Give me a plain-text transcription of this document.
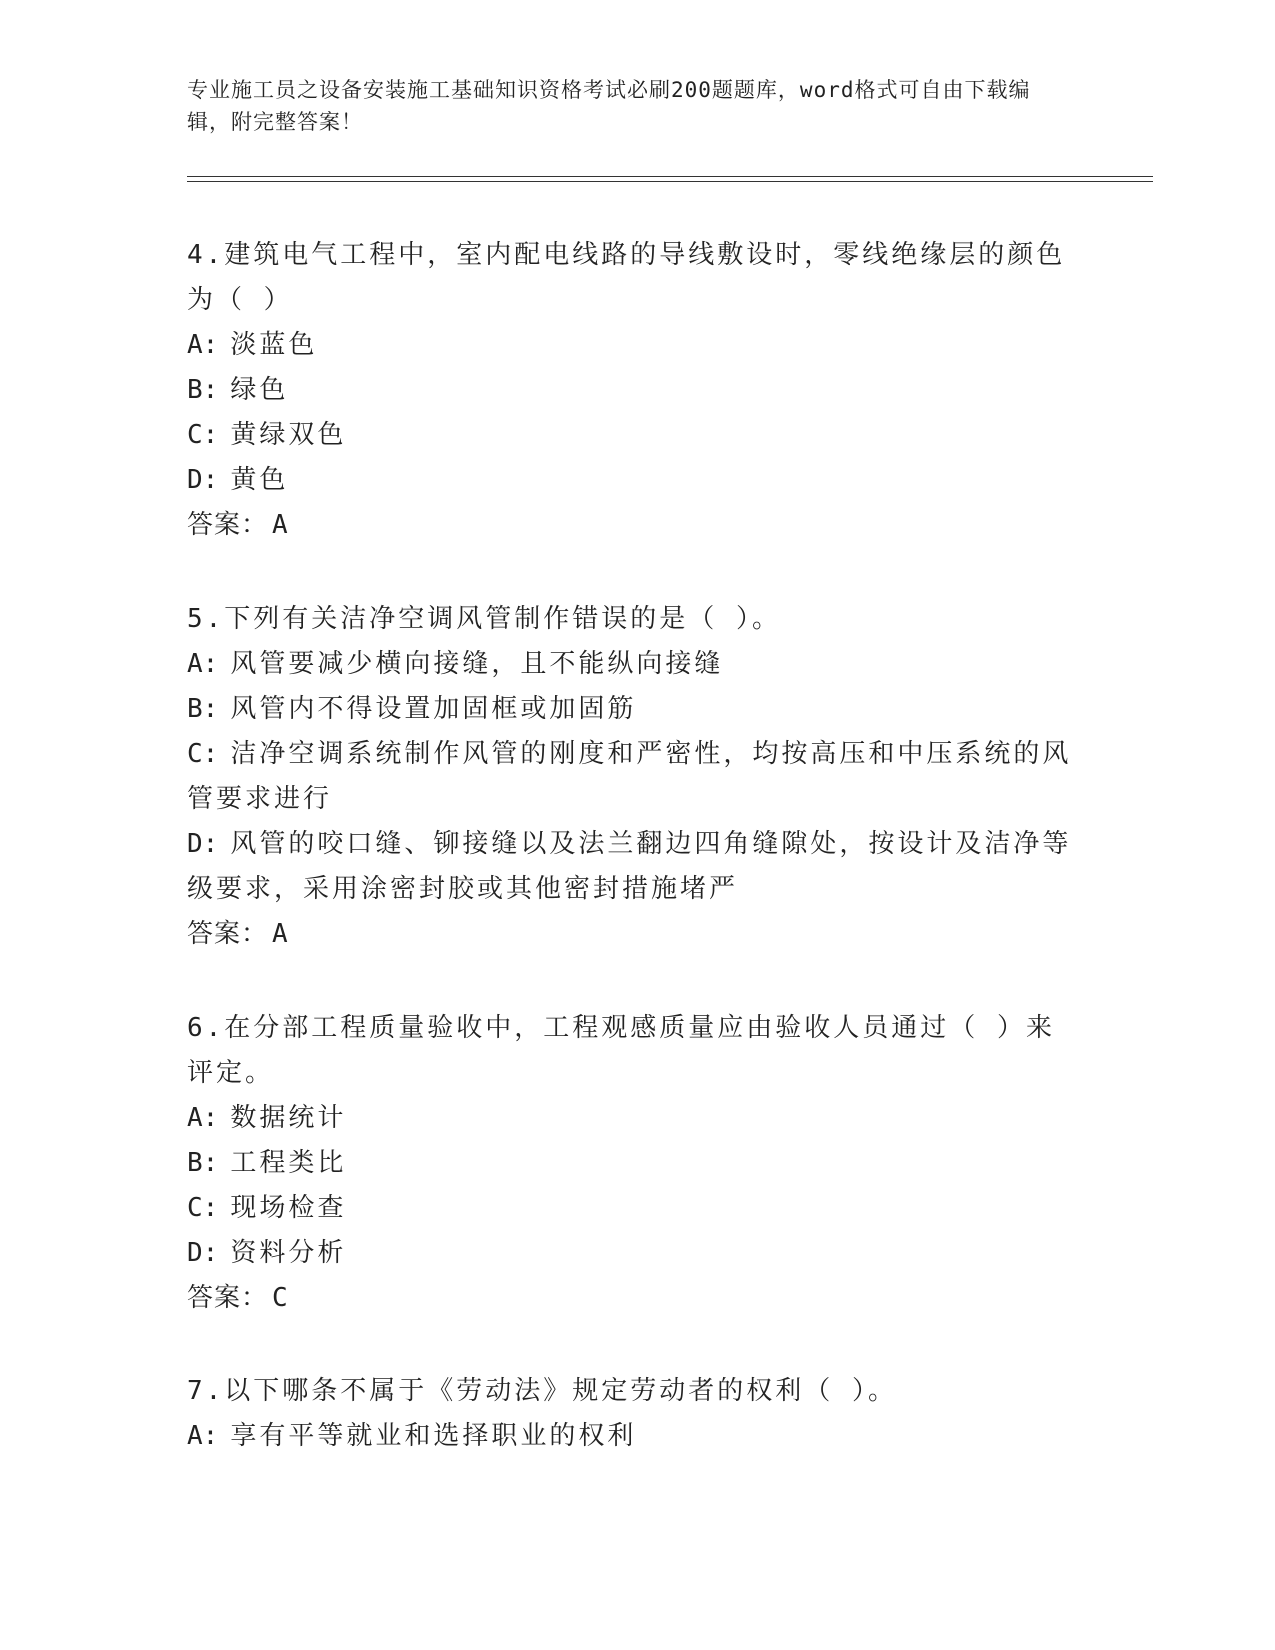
专业施工员之设备安装施工基础知识资格考试必刷200题题库，word格式可自由下载编辑，附完整答案！
4.建筑电气工程中，室内配电线路的导线敷设时，零线绝缘层的颜色为（ ）
A: 淡蓝色
B: 绿色
C: 黄绿双色
D: 黄色
答案： A
5.下列有关洁净空调风管制作错误的是（ ）。
A: 风管要减少横向接缝，且不能纵向接缝
B: 风管内不得设置加固框或加固筋
C: 洁净空调系统制作风管的刚度和严密性，均按高压和中压系统的风管要求进行
D: 风管的咬口缝、铆接缝以及法兰翻边四角缝隙处，按设计及洁净等级要求，采用涂密封胶或其他密封措施堵严
答案： A
6.在分部工程质量验收中，工程观感质量应由验收人员通过（ ）来评定。
A: 数据统计
B: 工程类比
C: 现场检查
D: 资料分析
答案： C
7.以下哪条不属于《劳动法》规定劳动者的权利（ ）。
A: 享有平等就业和选择职业的权利
